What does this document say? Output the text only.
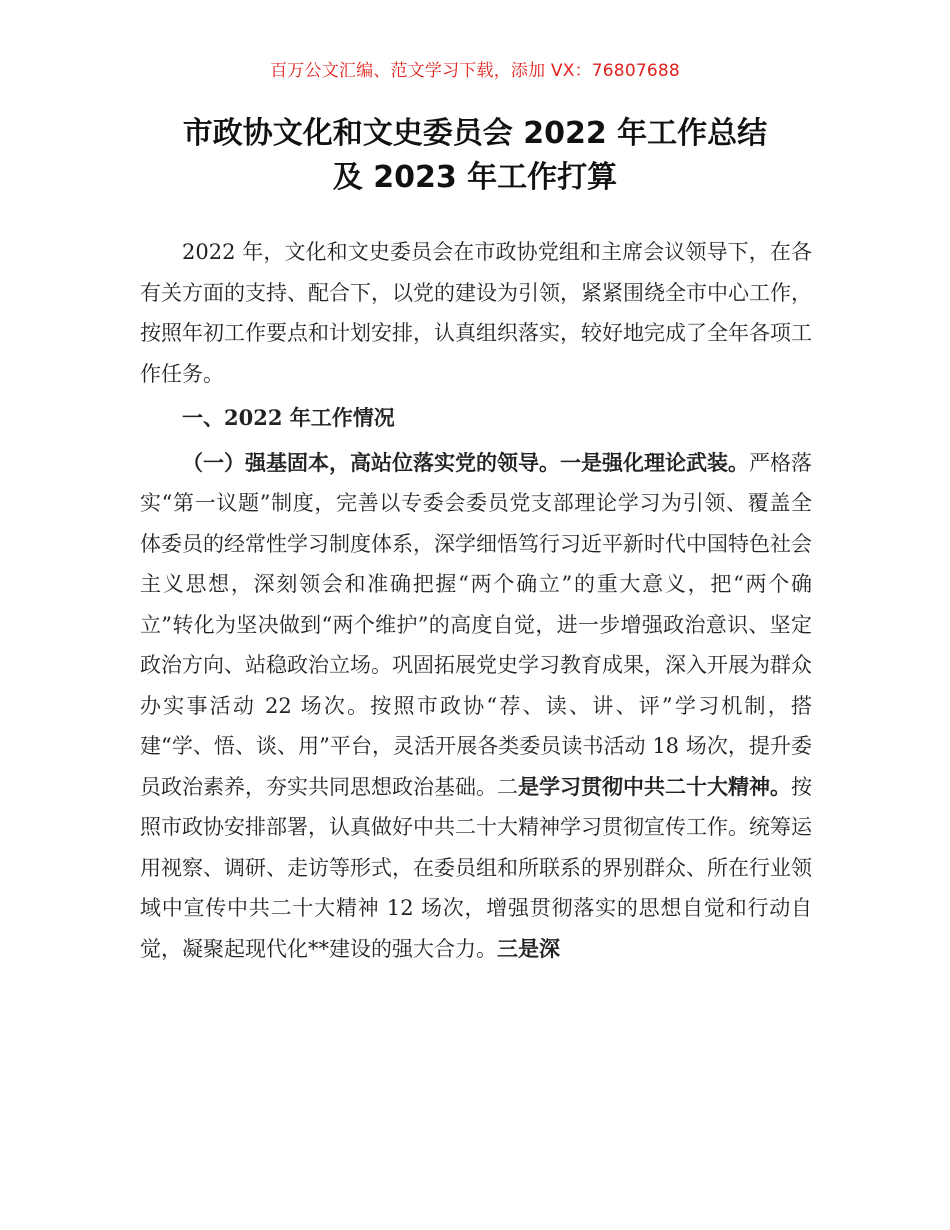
百万公文汇编、范文学习下载，添加 VX：76807688
市政协文化和文史委员会 2022 年工作总结
及 2023 年工作打算

2022 年，文化和文史委员会在市政协党组和主席会议领导下，在各有关方面的支持、配合下，以党的建设为引领，紧紧围绕全市中心工作，按照年初工作要点和计划安排，认真组织落实，较好地完成了全年各项工作任务。

一、2022 年工作情况

（一）强基固本，高站位落实党的领导。一是强化理论武装。严格落实“第一议题”制度，完善以专委会委员党支部理论学习为引领、覆盖全体委员的经常性学习制度体系，深学细悟笃行习近平新时代中国特色社会主义思想，深刻领会和准确把握“两个确立”的重大意义，把“两个确立”转化为坚决做到“两个维护”的高度自觉，进一步增强政治意识、坚定政治方向、站稳政治立场。巩固拓展党史学习教育成果，深入开展为群众办实事活动 22 场次。按照市政协“荐、读、讲、评”学习机制，搭建“学、悟、谈、用”平台，灵活开展各类委员读书活动 18 场次，提升委员政治素养，夯实共同思想政治基础。二是学习贯彻中共二十大精神。按照市政协安排部署，认真做好中共二十大精神学习贯彻宣传工作。统筹运用视察、调研、走访等形式，在委员组和所联系的界别群众、所在行业领域中宣传中共二十大精神 12 场次，增强贯彻落实的思想自觉和行动自觉，凝聚起现代化**建设的强大合力。三是深
